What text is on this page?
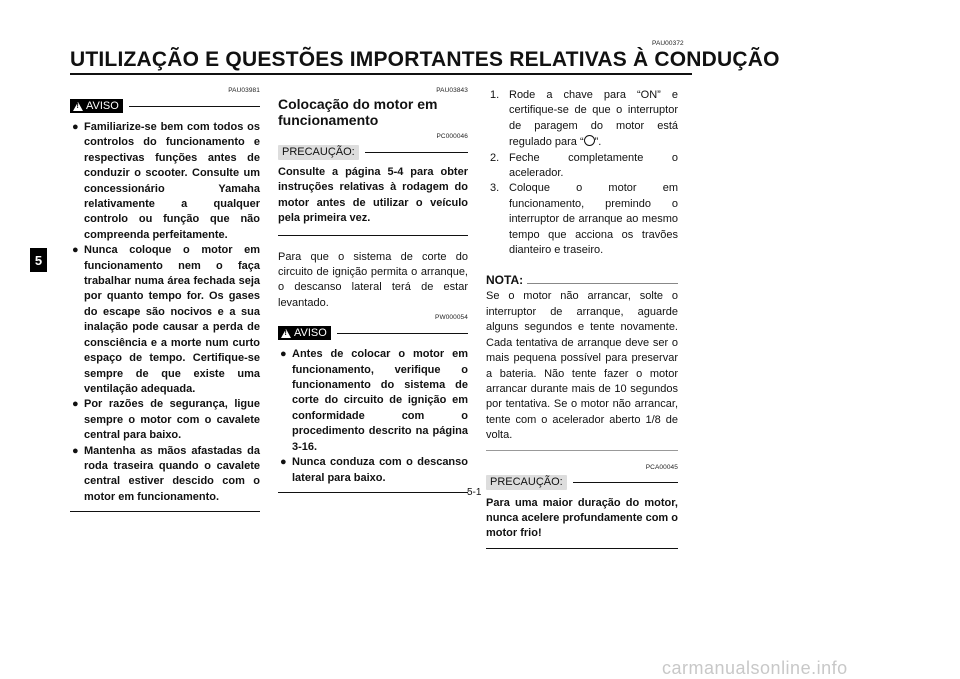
PAU00372
UTILIZAÇÃO E QUESTÕES IMPORTANTES RELATIVAS À CONDUÇÃO
5
PAU03981
!
AVISO
● Familiarize-se bem com todos os controlos do funcionamento e respectivas funções antes de conduzir o scooter. Consulte um concessionário Yamaha relativamente a qualquer controlo ou função que não compreenda perfeitamente.
● Nunca coloque o motor em funcionamento nem o faça trabalhar numa área fechada seja por quanto tempo for. Os gases do escape são nocivos e a sua inalação pode causar a perda de consciência e a morte num curto espaço de tempo. Certifique-se sempre de que existe uma ventilação adequada.
● Por razões de segurança, ligue sempre o motor com o cavalete central para baixo.
● Mantenha as mãos afastadas da roda traseira quando o cavalete central estiver descido com o motor em funcionamento.
PAU03843
Colocação do motor em funcionamento
PC000046
PRECAUÇÃO:
Consulte a página 5-4 para obter instruções relativas à rodagem do motor antes de utilizar o veículo pela primeira vez.
Para que o sistema de corte do circuito de ignição permita o arranque, o descanso lateral terá de estar levantado.
PW000054
!
AVISO
● Antes de colocar o motor em funcionamento, verifique o funcionamento do sistema de corte do circuito de ignição em conformidade com o procedimento descrito na página 3-16.
● Nunca conduza com o descanso lateral para baixo.
1. Rode a chave para “ON” e certifique-se de que o interruptor de paragem do motor está regulado para “ ”.
2. Feche completamente o acelerador.
3. Coloque o motor em funcionamento, premindo o interruptor de arranque ao mesmo tempo que acciona os travões dianteiro e traseiro.
NOTA:
Se o motor não arrancar, solte o interruptor de arranque, aguarde alguns segundos e tente novamente. Cada tentativa de arranque deve ser o mais pequena possível para preservar a bateria. Não tente fazer o motor arrancar durante mais de 10 segundos por tentativa. Se o motor não arrancar, tente com o acelerador aberto 1/8 de volta.
PCA00045
PRECAUÇÃO:
Para uma maior duração do motor, nunca acelere profundamente com o motor frio!
5-1
carmanualsonline.info
